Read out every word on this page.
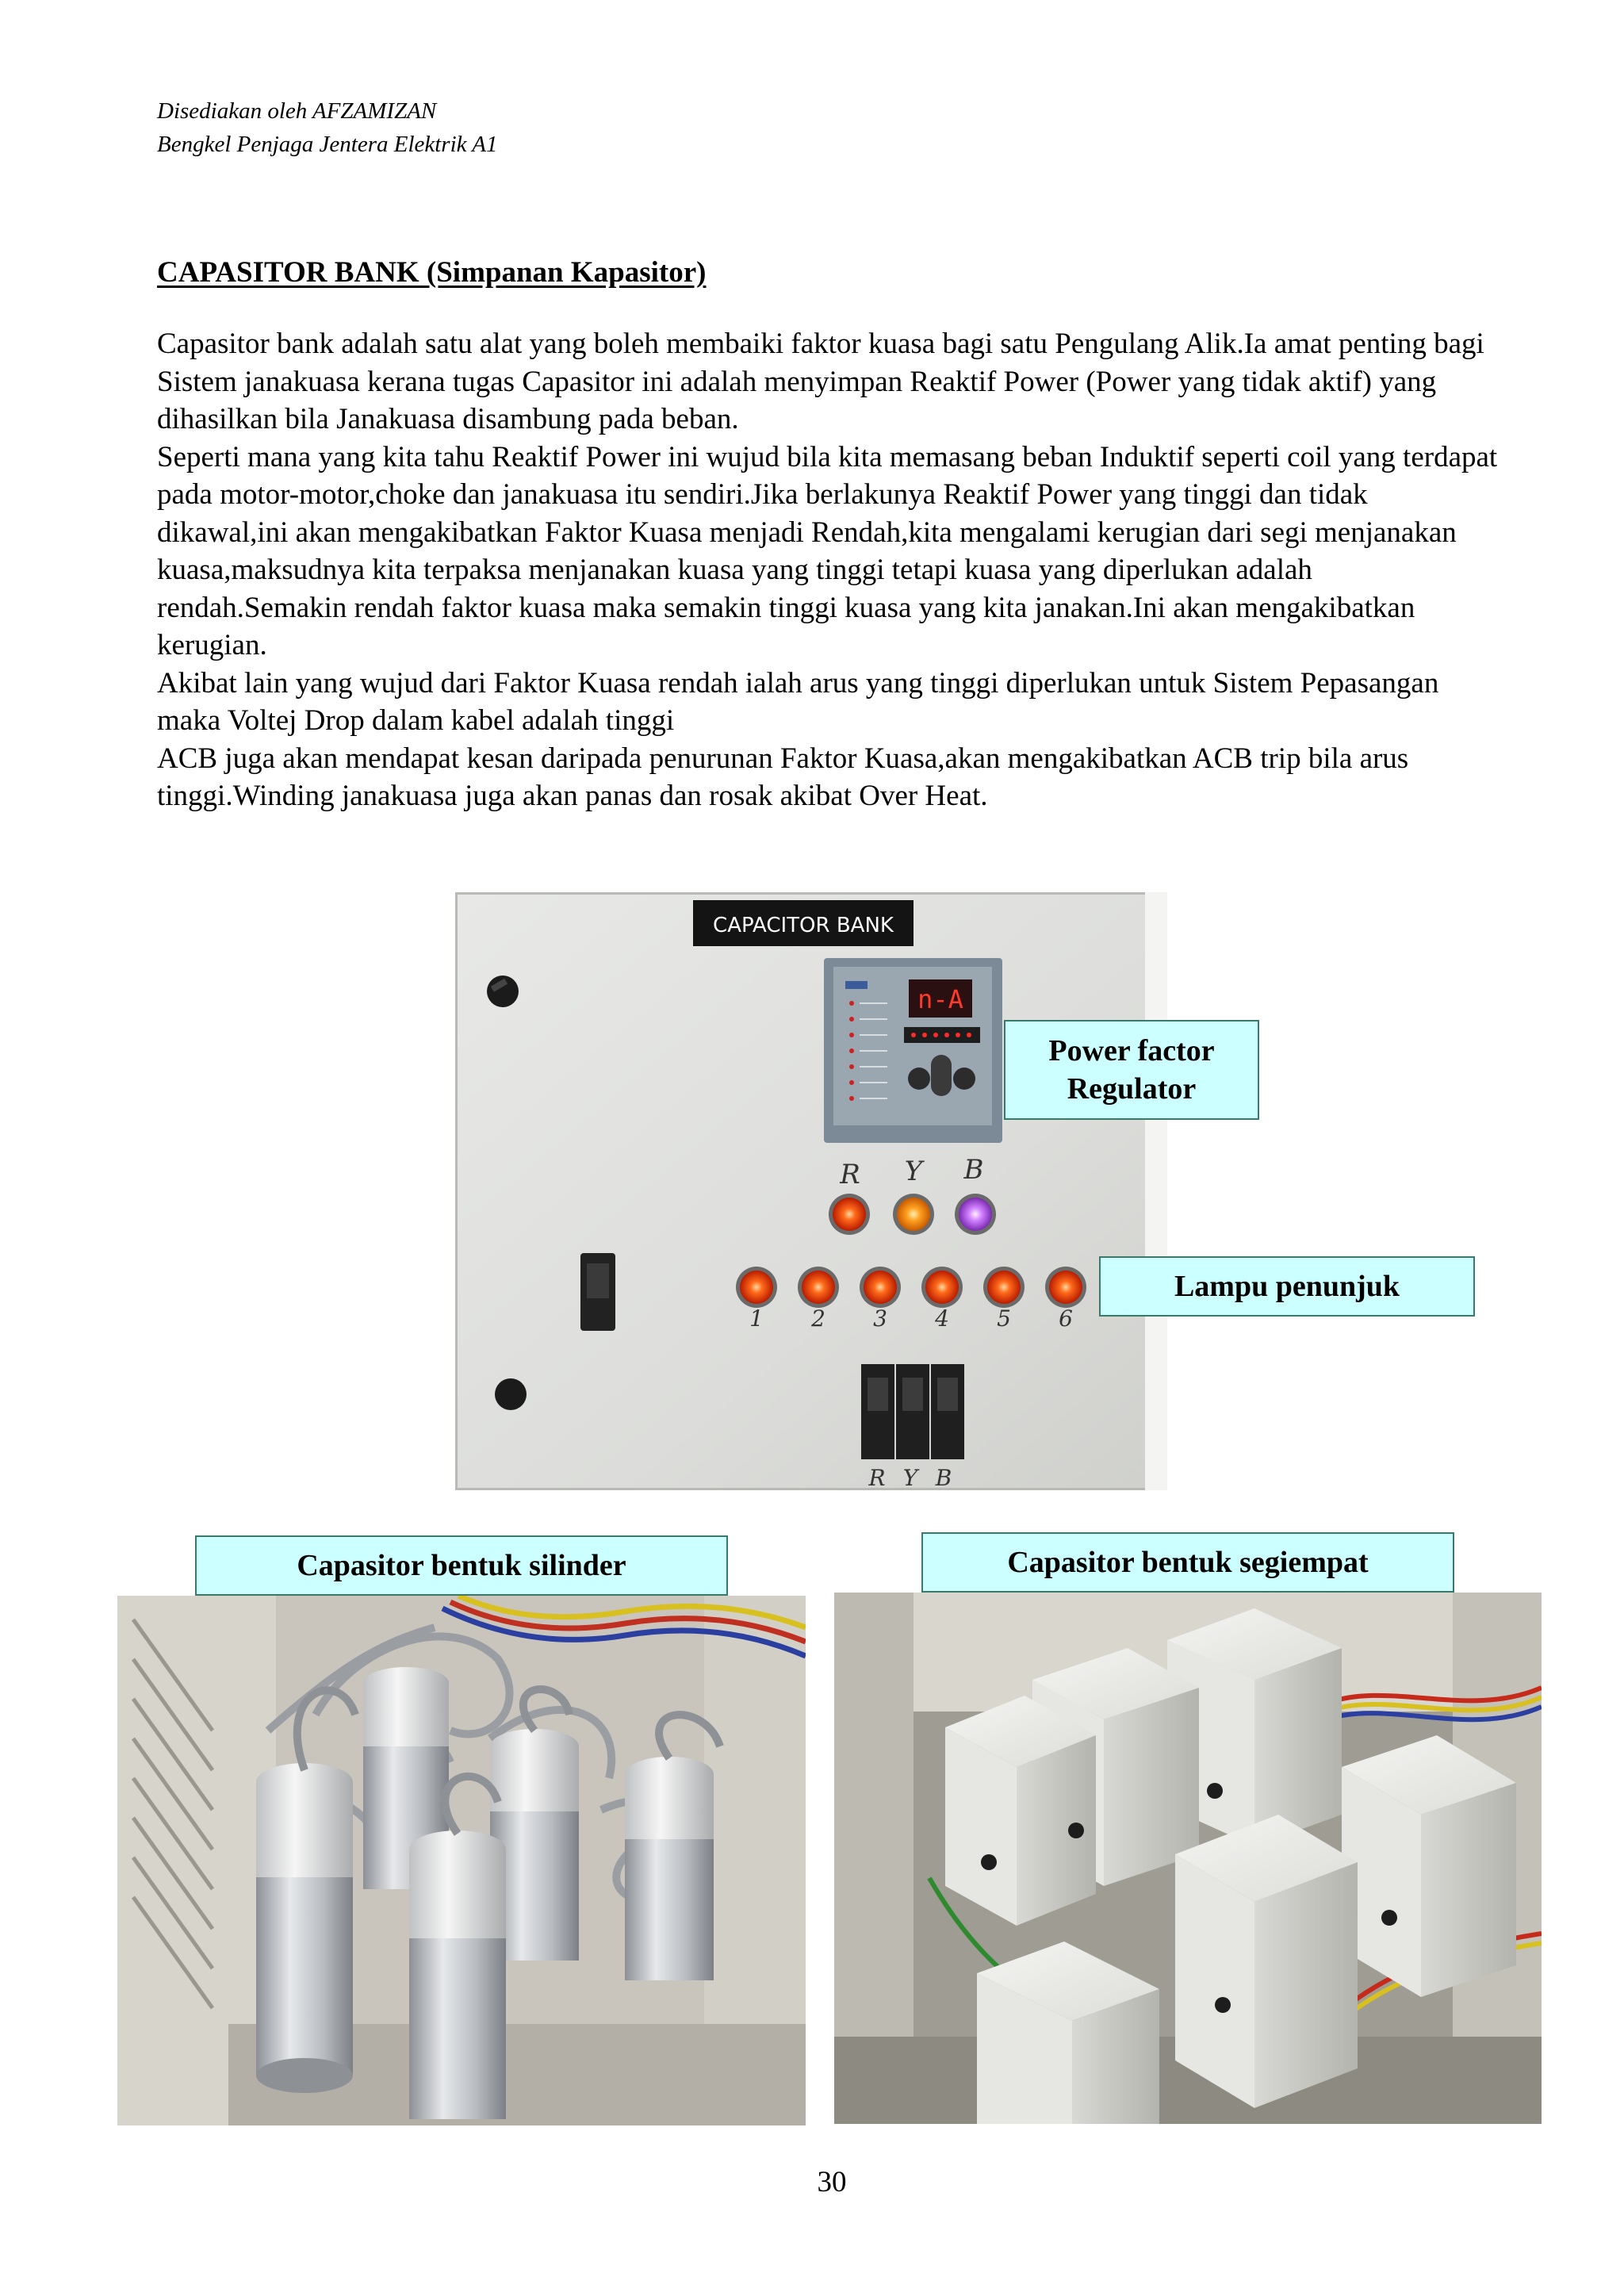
Disediakan oleh AFZAMIZAN
Bengkel Penjaga Jentera Elektrik A1
CAPASITOR BANK (Simpanan Kapasitor)

Capasitor bank adalah satu alat yang boleh membaiki faktor kuasa bagi satu Pengulang Alik.Ia amat penting bagi Sistem janakuasa kerana tugas Capasitor ini adalah menyimpan Reaktif Power (Power yang tidak aktif) yang dihasilkan bila Janakuasa disambung pada beban.

Seperti mana yang kita tahu Reaktif Power ini wujud bila kita memasang beban Induktif seperti coil yang terdapat pada motor-motor,choke dan janakuasa itu sendiri.Jika berlakunya Reaktif Power yang tinggi dan tidak dikawal,ini akan mengakibatkan Faktor Kuasa menjadi Rendah,kita mengalami kerugian dari segi menjanakan kuasa,maksudnya kita terpaksa menjanakan kuasa yang tinggi tetapi kuasa yang diperlukan adalah rendah.Semakin rendah faktor kuasa maka semakin tinggi kuasa yang kita janakan.Ini akan mengakibatkan kerugian.

Akibat lain yang wujud dari Faktor Kuasa rendah ialah arus yang tinggi diperlukan untuk Sistem Pepasangan maka Voltej Drop dalam kabel adalah tinggi

ACB juga akan mendapat kesan daripada penurunan Faktor Kuasa,akan mengakibatkan ACB trip bila arus tinggi.Winding janakuasa juga akan panas dan rosak akibat Over Heat.

CAPACITOR BANK
n-A
R Y B
1 2 3 4 5 6
R Y B
Power factor
Regulator
Lampu penunjuk
Capasitor bentuk silinder	Capasitor bentuk segiempat
30
